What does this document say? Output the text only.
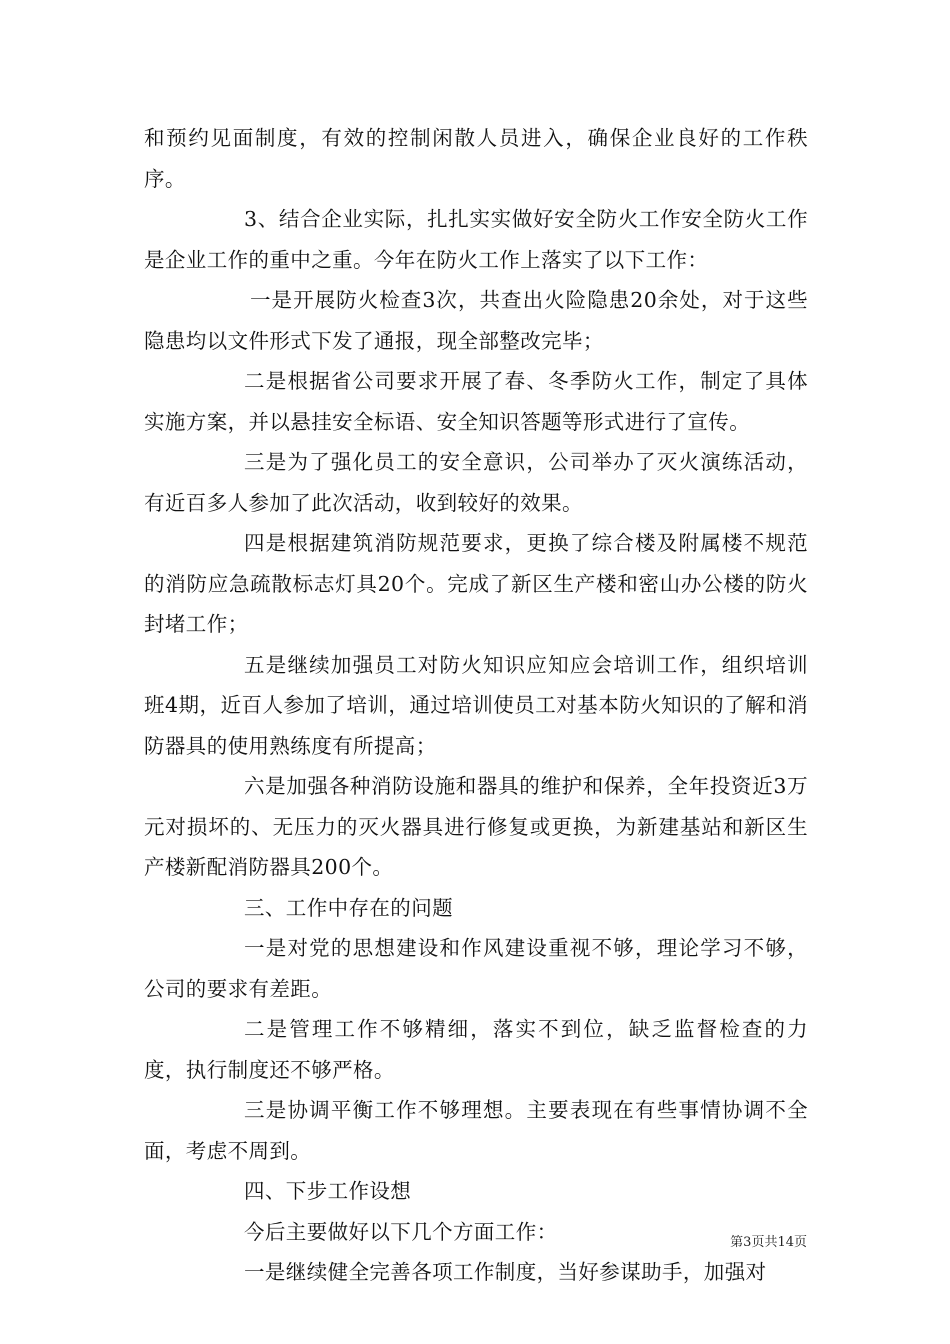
和预约见面制度，有效的控制闲散人员进入，确保企业良好的工作秩序。

3、结合企业实际，扎扎实实做好安全防火工作安全防火工作是企业工作的重中之重。今年在防火工作上落实了以下工作：

一是开展防火检查3次，共查出火险隐患20余处，对于这些隐患均以文件形式下发了通报，现全部整改完毕；

二是根据省公司要求开展了春、冬季防火工作，制定了具体实施方案，并以悬挂安全标语、安全知识答题等形式进行了宣传。

三是为了强化员工的安全意识，公司举办了灭火演练活动，有近百多人参加了此次活动，收到较好的效果。

四是根据建筑消防规范要求，更换了综合楼及附属楼不规范的消防应急疏散标志灯具20个。完成了新区生产楼和密山办公楼的防火封堵工作；

五是继续加强员工对防火知识应知应会培训工作，组织培训班4期，近百人参加了培训，通过培训使员工对基本防火知识的了解和消防器具的使用熟练度有所提高；

六是加强各种消防设施和器具的维护和保养，全年投资近3万元对损坏的、无压力的灭火器具进行修复或更换，为新建基站和新区生产楼新配消防器具200个。

三、工作中存在的问题

一是对党的思想建设和作风建设重视不够，理论学习不够，公司的要求有差距。

二是管理工作不够精细，落实不到位，缺乏监督检查的力度，执行制度还不够严格。

三是协调平衡工作不够理想。主要表现在有些事情协调不全面，考虑不周到。

四、下步工作设想

今后主要做好以下几个方面工作：

一是继续健全完善各项工作制度，当好参谋助手，加强对

第3页共14页
